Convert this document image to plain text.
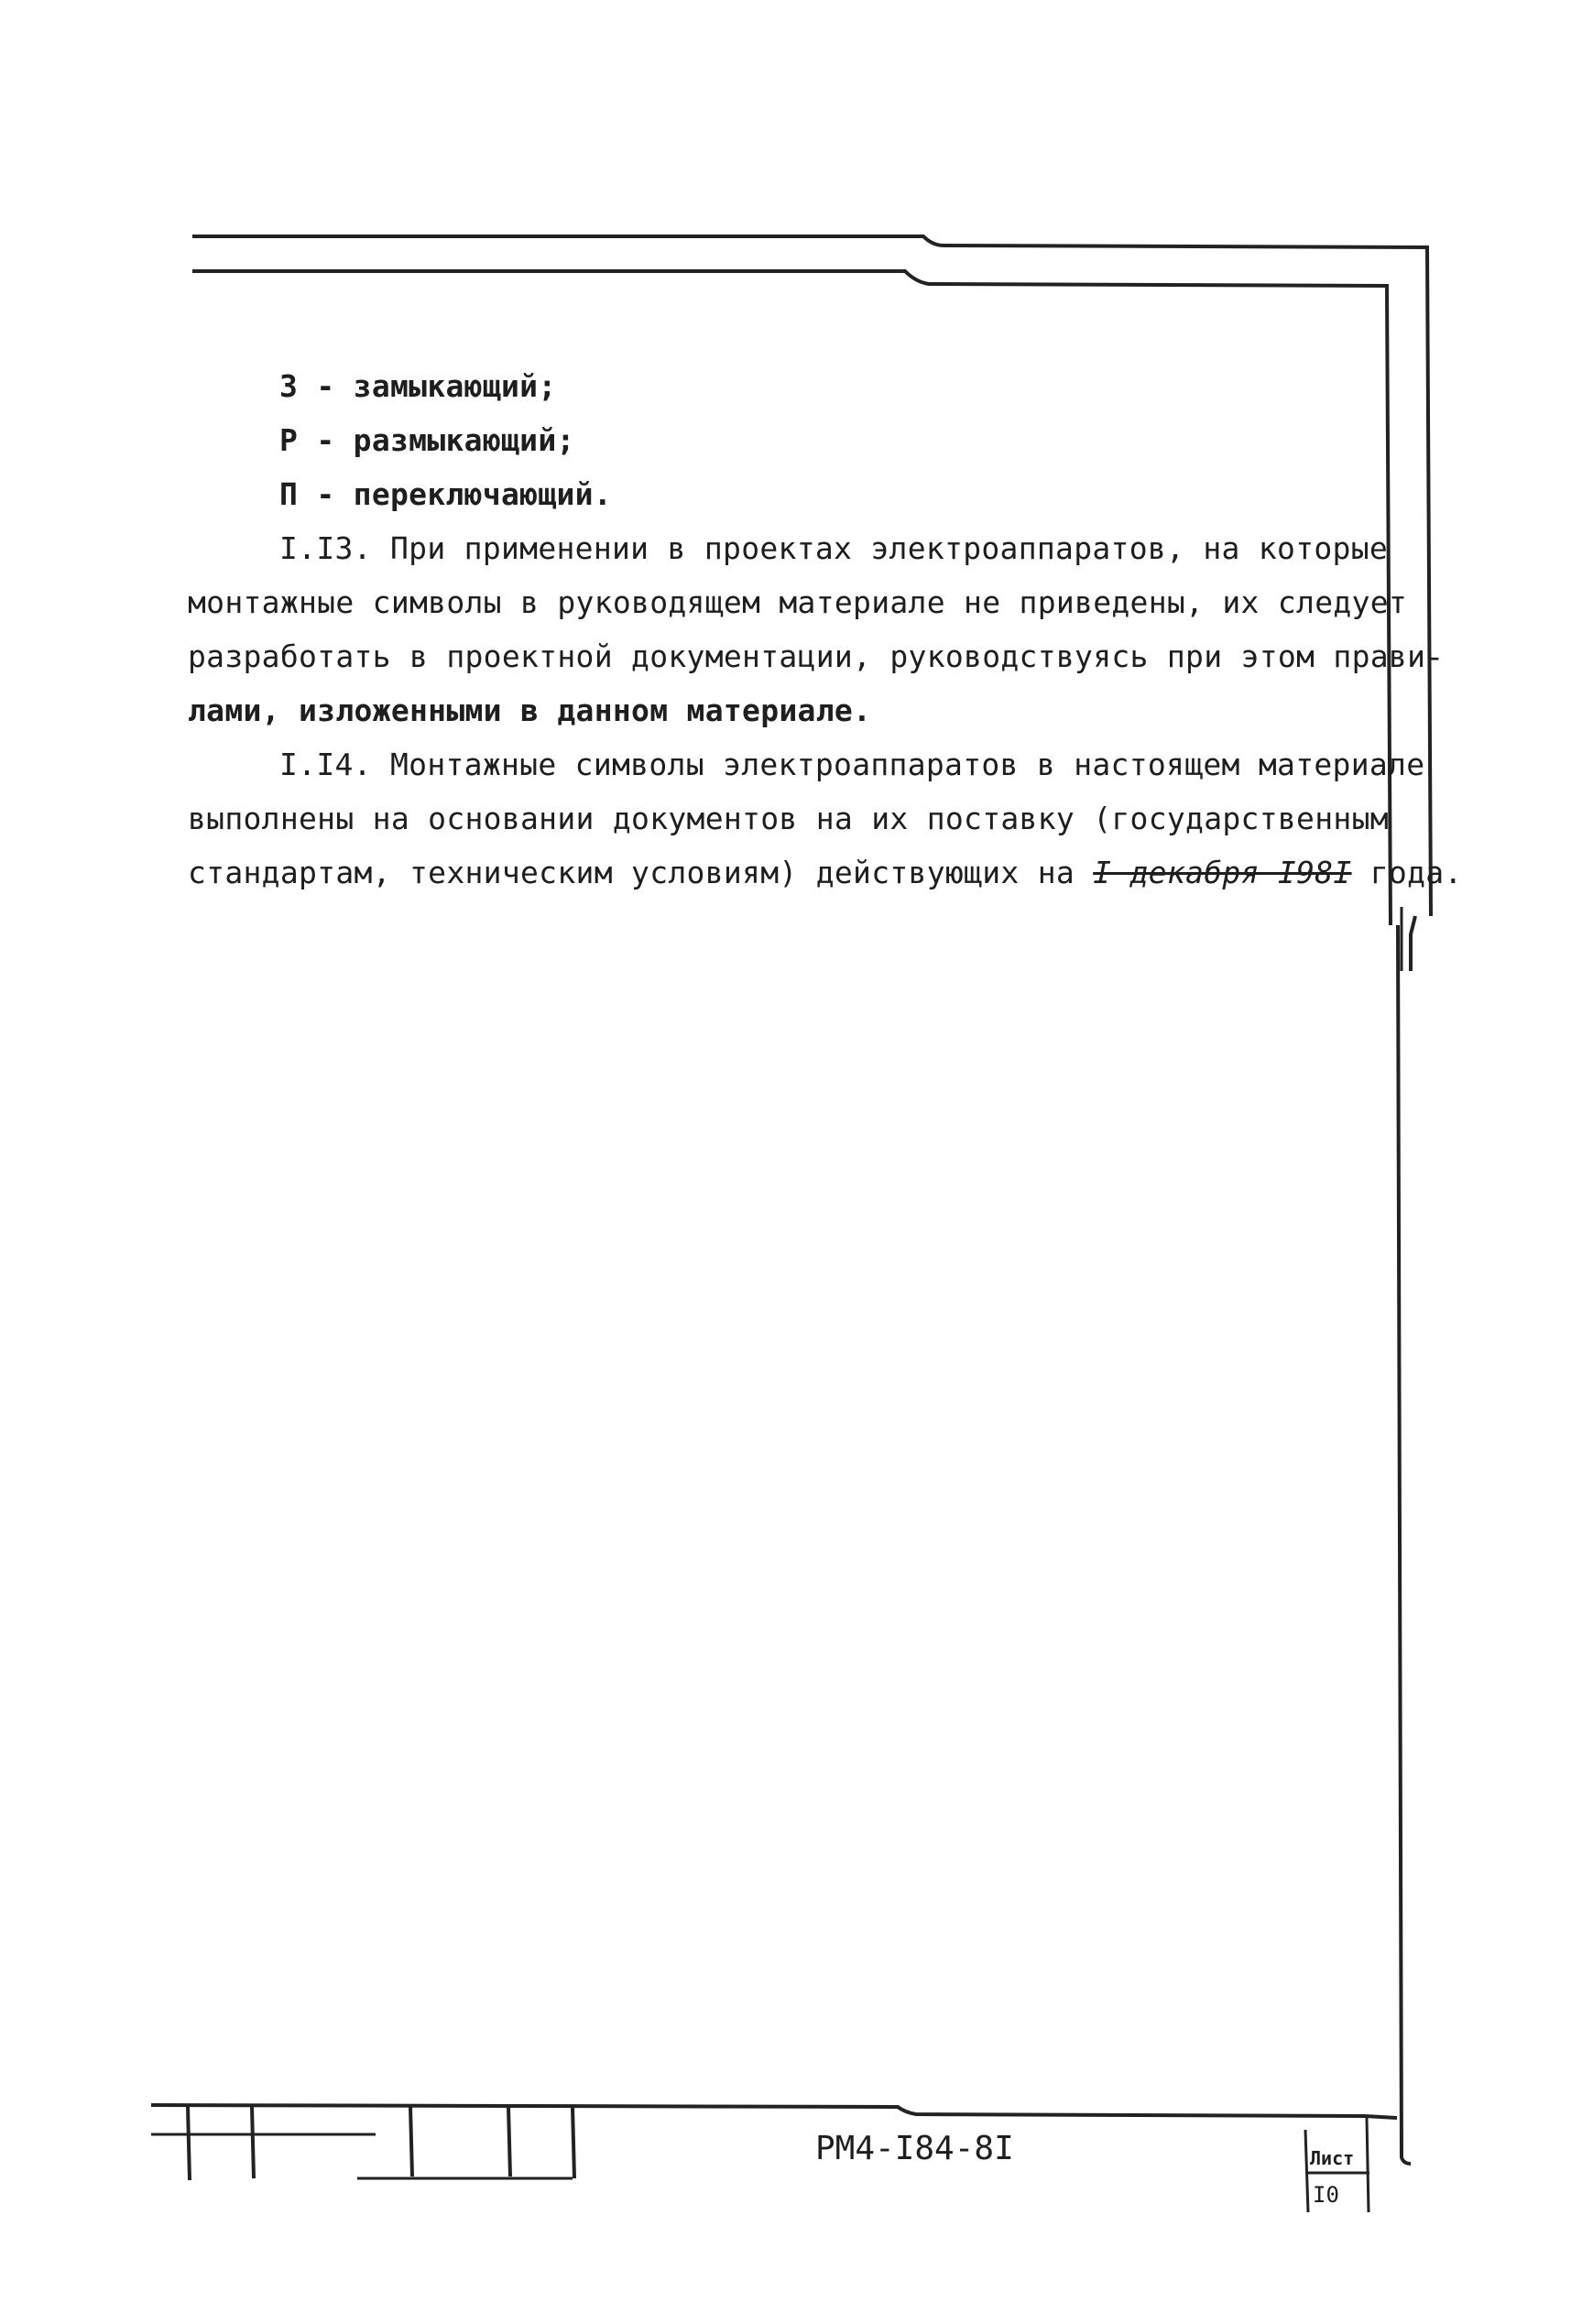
З - замыкающий;

Р - размыкающий;

П - переключающий.

I.I3. При применении в проектах электроаппаратов, на которые

монтажные символы в руководящем материале не приведены, их следует

разработать в проектной документации, руководствуясь при этом прави-

лами, изложенными в данном материале.

I.I4. Монтажные символы электроаппаратов в настоящем материале

выполнены на основании документов на их поставку (государственным

стандартам, техническим условиям) действующих на I декабря I98I года.

РМ4-I84-8I	Лист
I0
